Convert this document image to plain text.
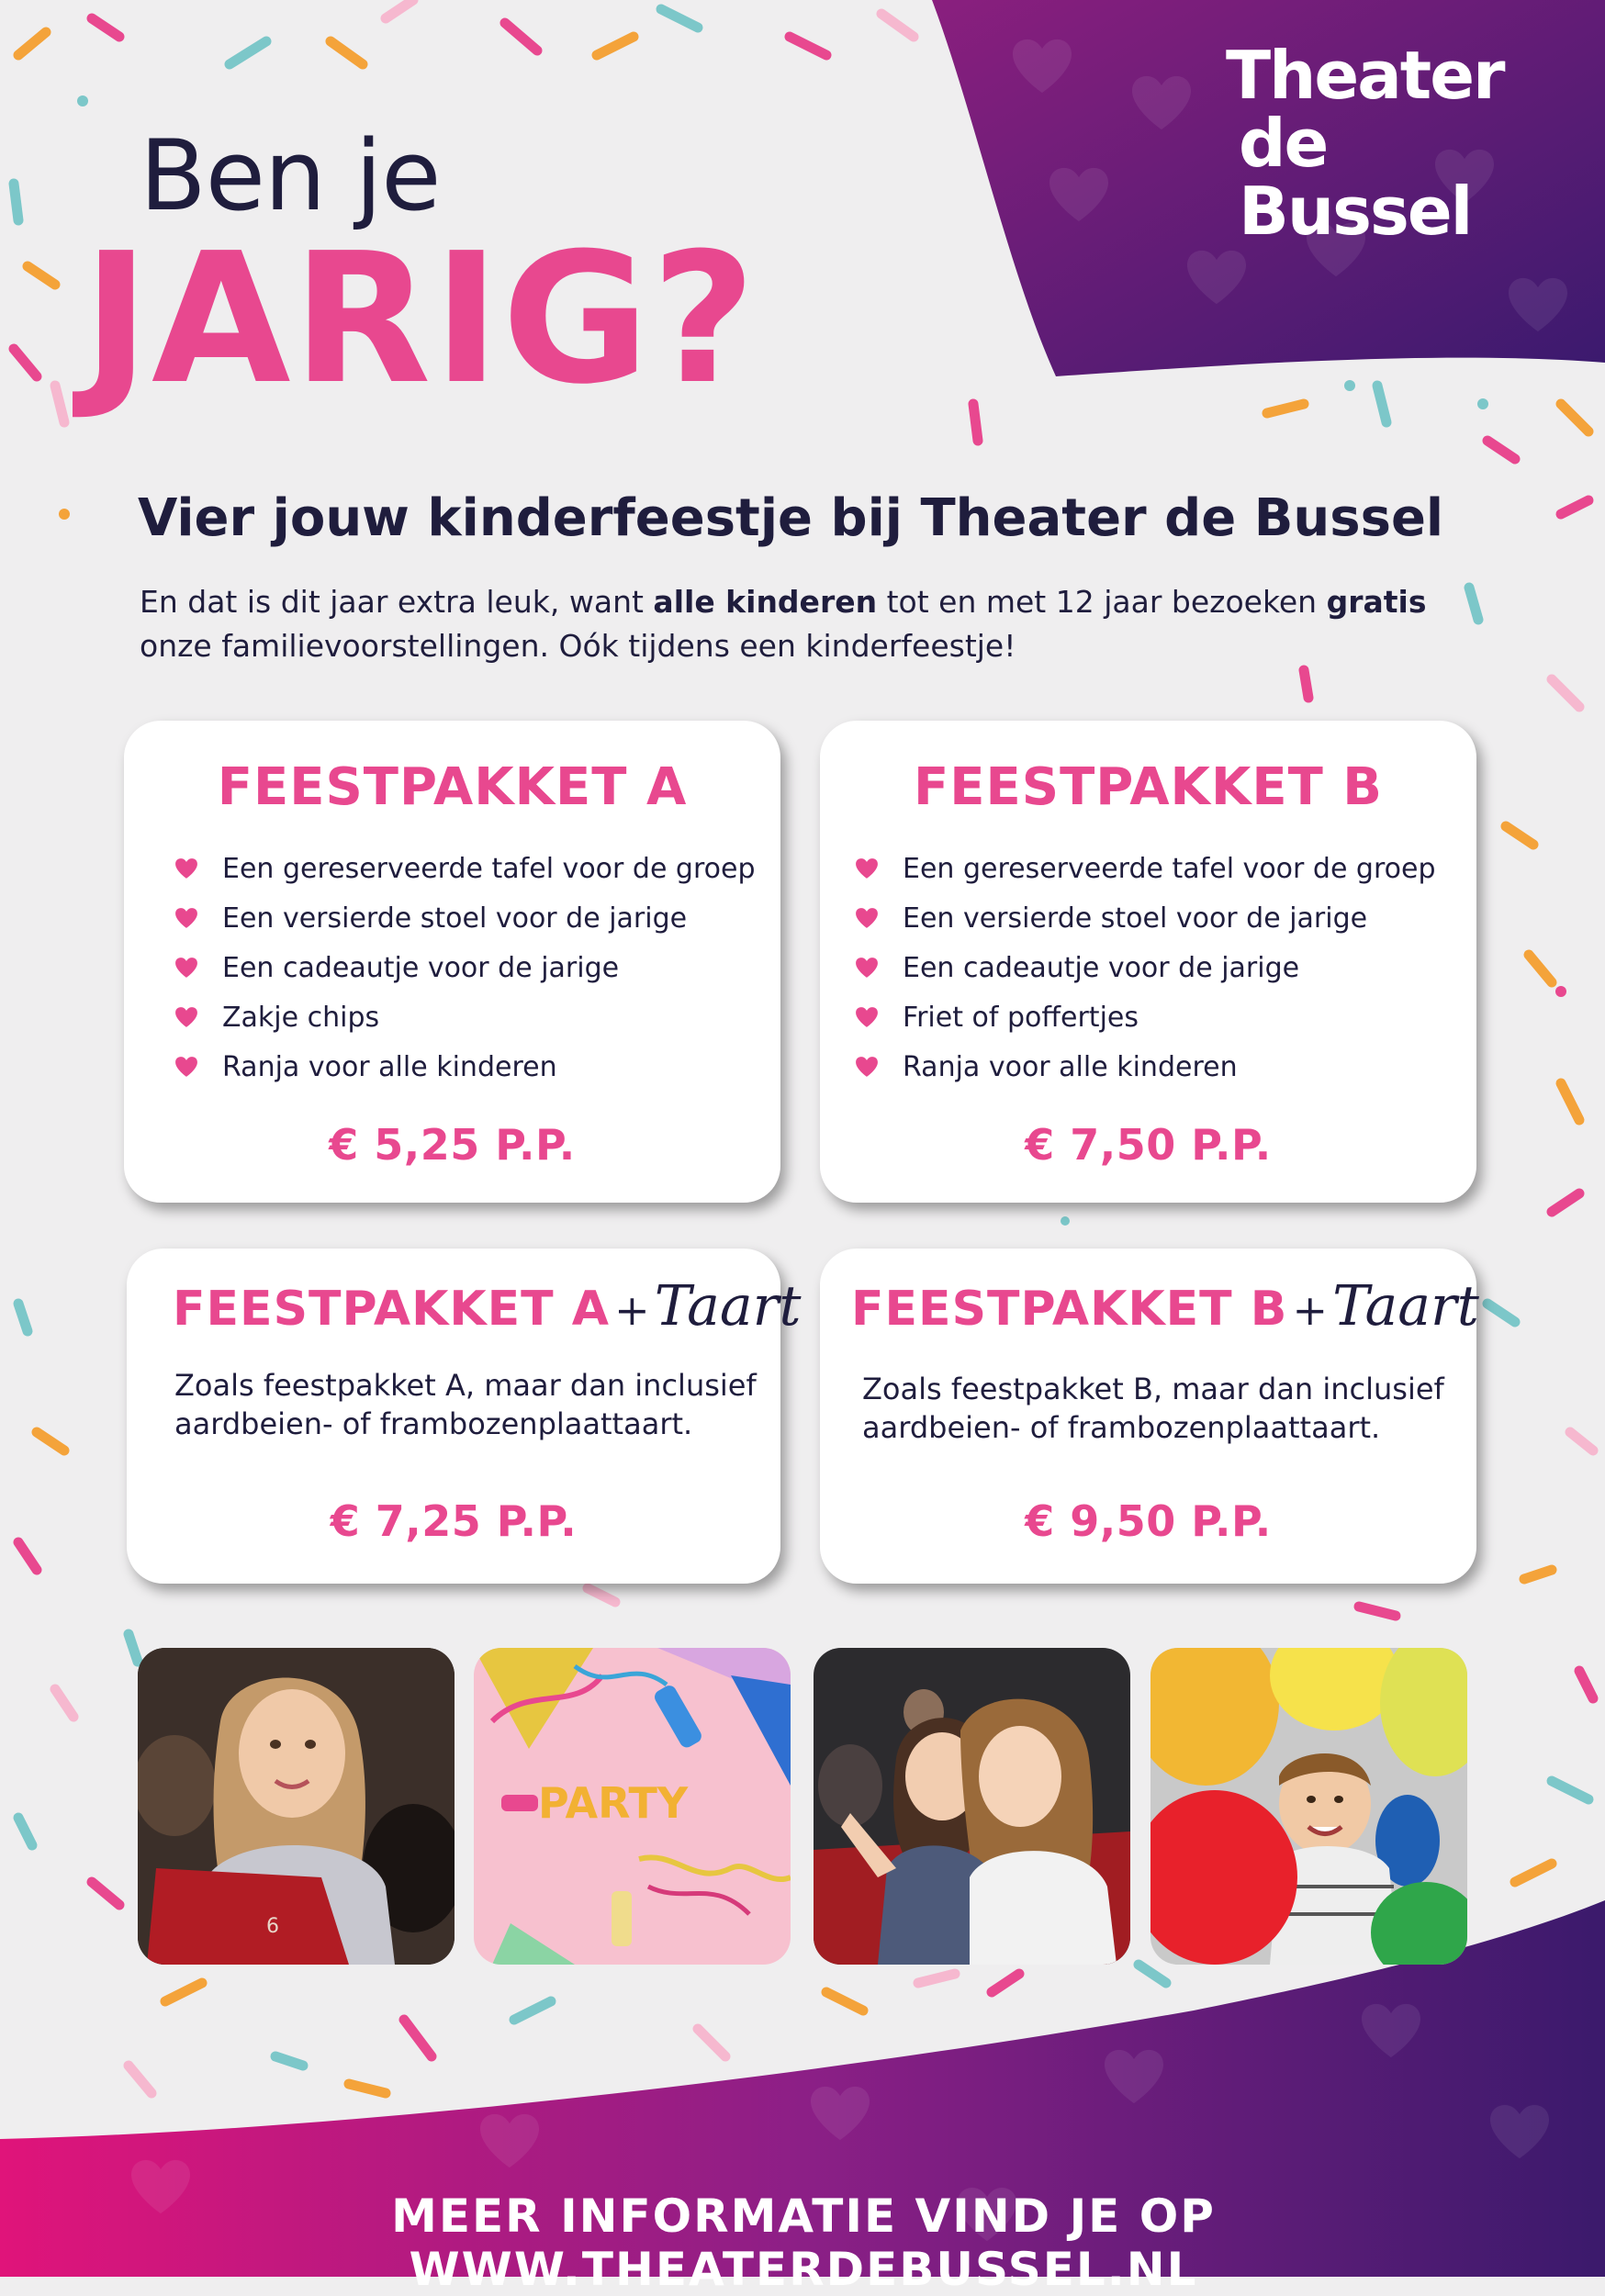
Theater
de Bussel
Ben je
JARIG?
Vier jouw kinderfeestje bij Theater de Bussel
En dat is dit jaar extra leuk, want alle kinderen tot en met 12 jaar bezoeken gratis
onze familievoorstellingen. Oók tijdens een kinderfeestje!
FEESTPAKKET A
Een gereserveerde tafel voor de groep
Een versierde stoel voor de jarige
Een cadeautje voor de jarige
Zakje chips
Ranja voor alle kinderen
€ 5,25 P.P.
FEESTPAKKET B
Een gereserveerde tafel voor de groep
Een versierde stoel voor de jarige
Een cadeautje voor de jarige
Friet of poffertjes
Ranja voor alle kinderen
€ 7,50 P.P.
FEESTPAKKET A + Taart
Zoals feestpakket A, maar dan inclusief
aardbeien- of frambozenplaattaart.
€ 7,25 P.P.
FEESTPAKKET B + Taart
Zoals feestpakket B, maar dan inclusief
aardbeien- of frambozenplaattaart.
€ 9,50 P.P.
6
PARTY
MEER INFORMATIE VIND JE OP WWW.THEATERDEBUSSEL.NL
